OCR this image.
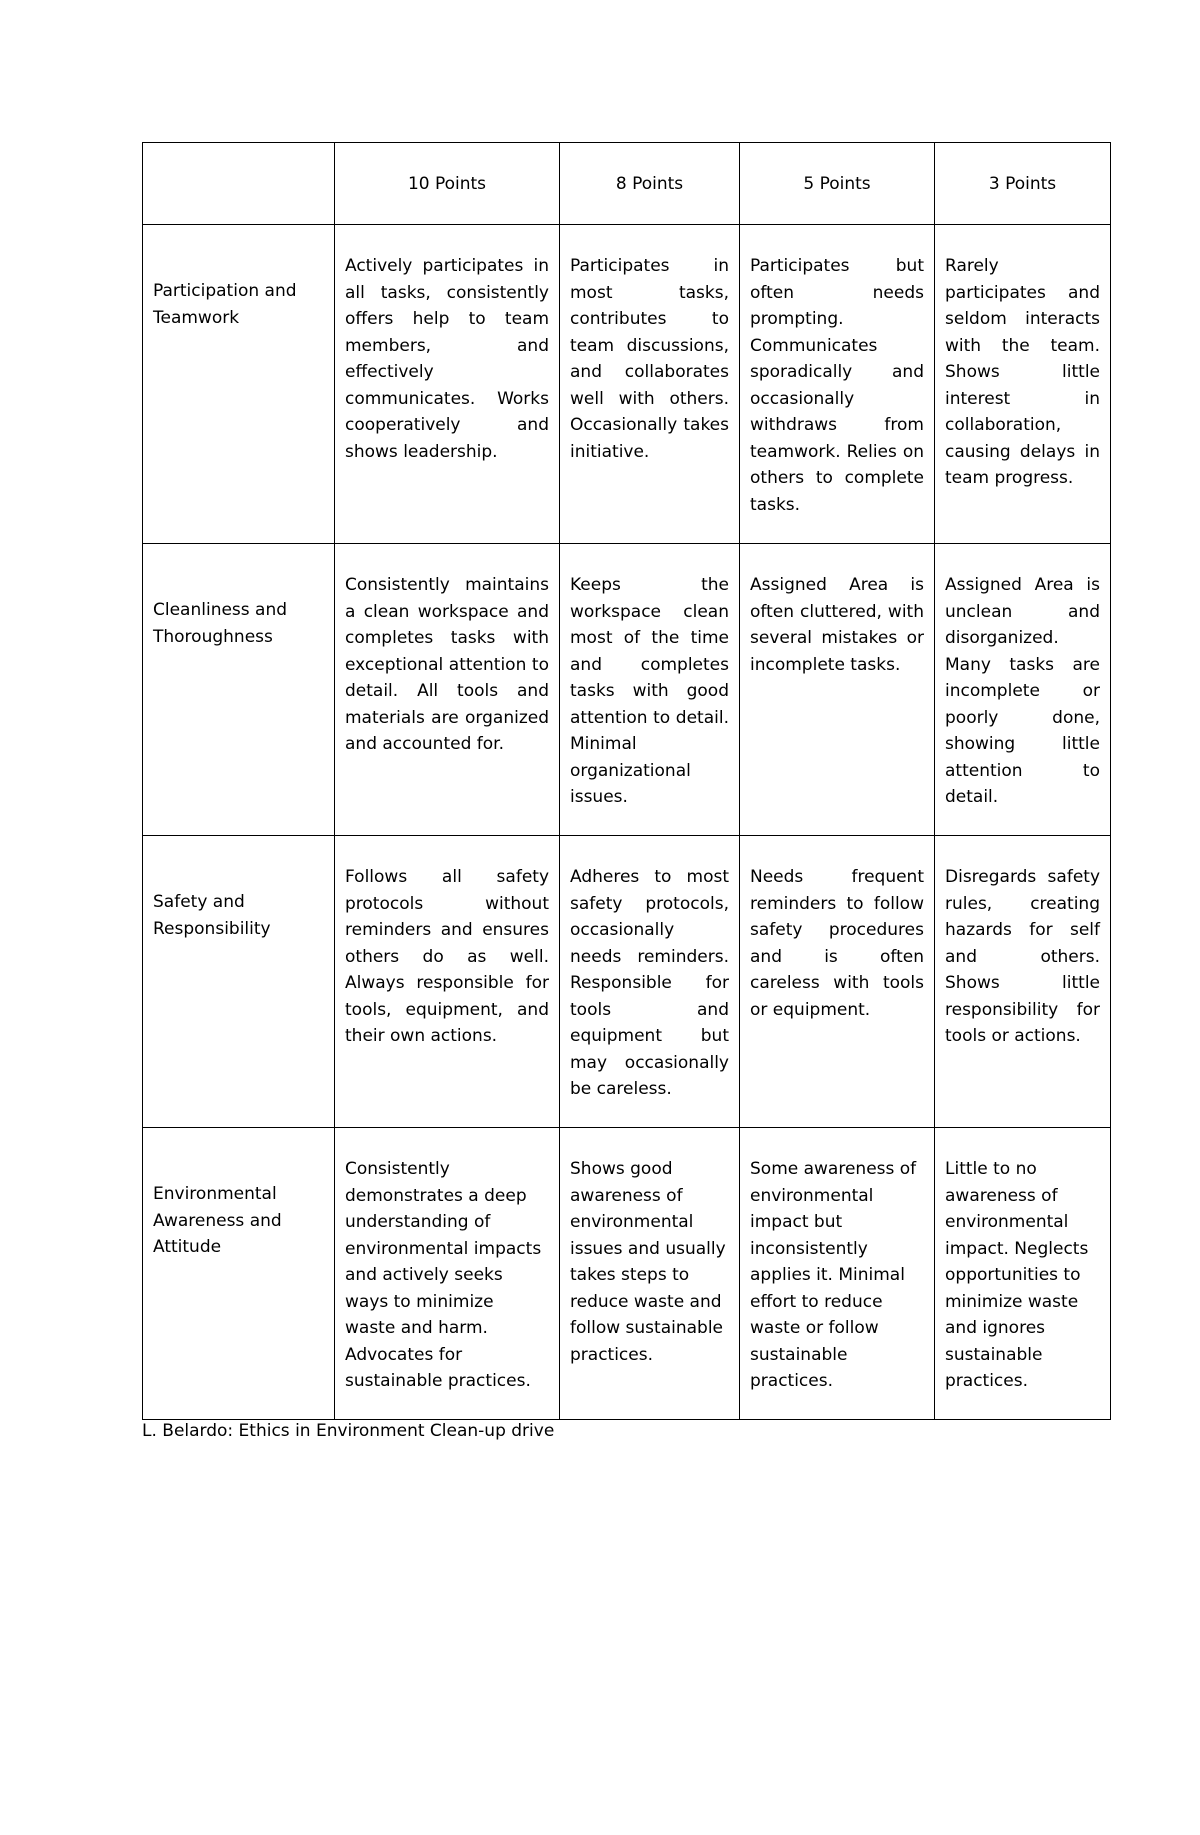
	10 Points	8 Points	5 Points	3 Points
Participation and Teamwork	Actively participates in all tasks, consistently offers help to team members, and effectively communicates. Works cooperatively and shows leadership.	Participates in most tasks, contributes to team discussions, and collaborates well with others. Occasionally takes initiative.	Participates but often needs prompting. Communicates sporadically and occasionally withdraws from teamwork. Relies on others to complete tasks.	Rarely participates and seldom interacts with the team. Shows little interest in collaboration, causing delays in team progress.
Cleanliness and Thoroughness	Consistently maintains a clean workspace and completes tasks with exceptional attention to detail. All tools and materials are organized and accounted for.	Keeps the workspace clean most of the time and completes tasks with good attention to detail. Minimal organizational issues.	Assigned Area is often cluttered, with several mistakes or incomplete tasks.	Assigned Area is unclean and disorganized. Many tasks are incomplete or poorly done, showing little attention to detail.
Safety and Responsibility	Follows all safety protocols without reminders and ensures others do as well. Always responsible for tools, equipment, and their own actions.	Adheres to most safety protocols, occasionally needs reminders. Responsible for tools and equipment but may occasionally be careless.	Needs frequent reminders to follow safety procedures and is often careless with tools or equipment.	Disregards safety rules, creating hazards for self and others. Shows little responsibility for tools or actions.
Environmental Awareness and Attitude	Consistently demonstrates a deep understanding of environmental impacts and actively seeks ways to minimize waste and harm. Advocates for sustainable practices.	Shows good awareness of environmental issues and usually takes steps to reduce waste and follow sustainable practices.	Some awareness of environmental impact but inconsistently applies it. Minimal effort to reduce waste or follow sustainable practices.	Little to no awareness of environmental impact. Neglects opportunities to minimize waste and ignores sustainable practices.
L. Belardo: Ethics in Environment Clean-up drive
